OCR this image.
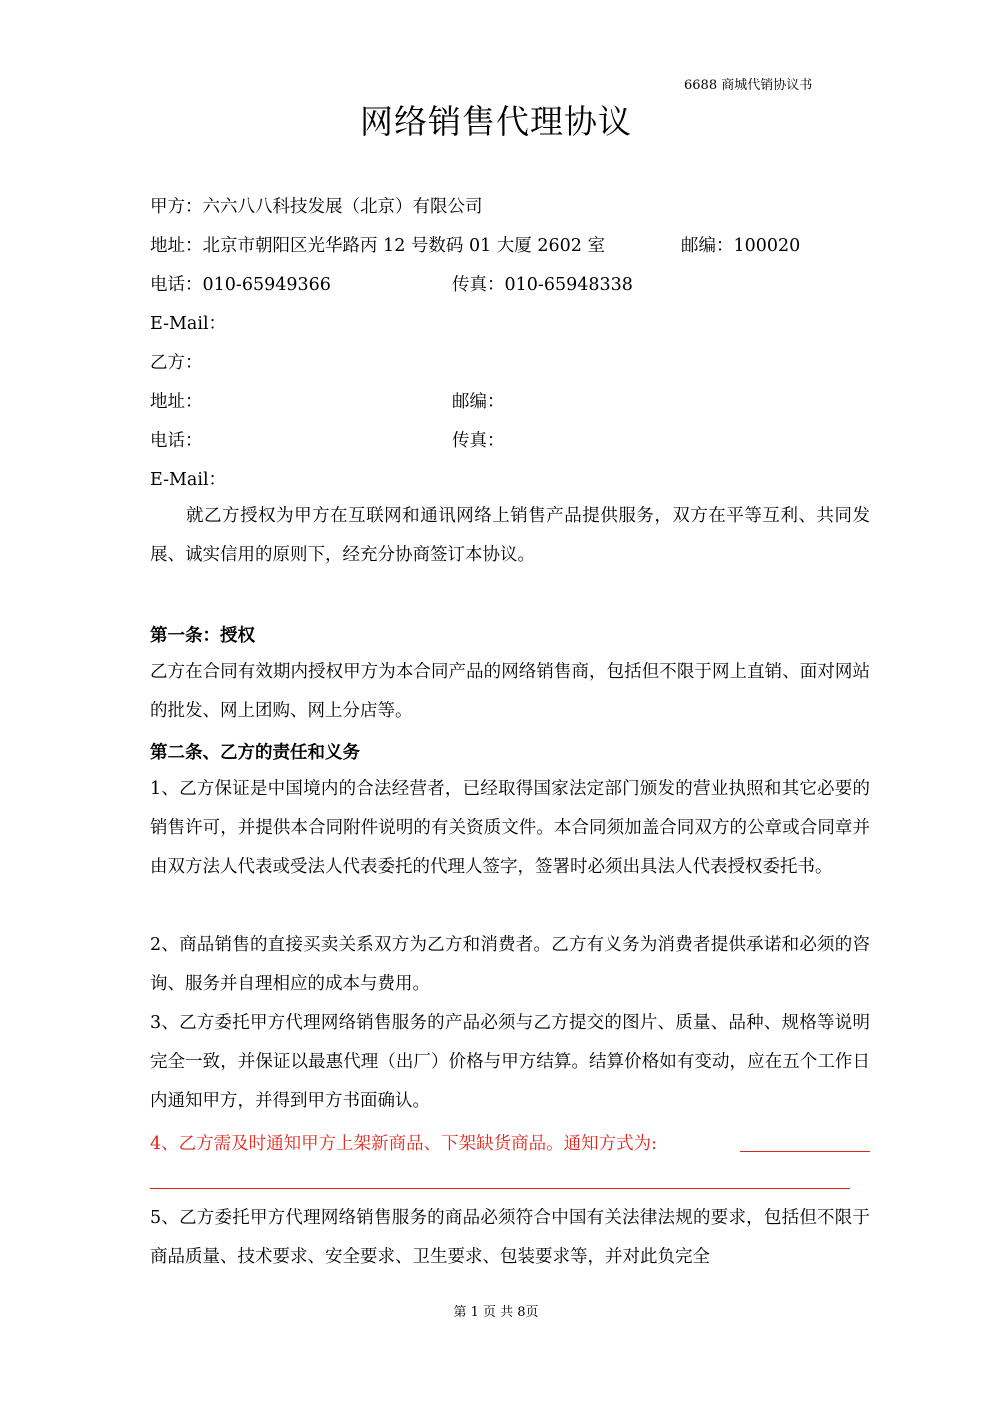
6688 商城代销协议书
网络销售代理协议
甲方：六六八八科技发展（北京）有限公司
地址：北京市朝阳区光华路丙 12 号数码 01 大厦 2602 室	邮编：100020
电话：010-65949366	传真：010-65948338
E-Mail：
乙方：
地址：	邮编：
电话：	传真：
E-Mail：
　　就乙方授权为甲方在互联网和通讯网络上销售产品提供服务，双方在平等互利、共同发展、诚实信用的原则下，经充分协商签订本协议。
第一条：授权
乙方在合同有效期内授权甲方为本合同产品的网络销售商，包括但不限于网上直销、面对网站的批发、网上团购、网上分店等。
第二条、乙方的责任和义务
1、乙方保证是中国境内的合法经营者，已经取得国家法定部门颁发的营业执照和其它必要的销售许可，并提供本合同附件说明的有关资质文件。本合同须加盖合同双方的公章或合同章并由双方法人代表或受法人代表委托的代理人签字，签署时必须出具法人代表授权委托书。
2、商品销售的直接买卖关系双方为乙方和消费者。乙方有义务为消费者提供承诺和必须的咨询、服务并自理相应的成本与费用。
3、乙方委托甲方代理网络销售服务的产品必须与乙方提交的图片、质量、品种、规格等说明完全一致，并保证以最惠代理（出厂）价格与甲方结算。结算价格如有变动，应在五个工作日内通知甲方，并得到甲方书面确认。
4、乙方需及时通知甲方上架新商品、下架缺货商品。通知方式为:
5、乙方委托甲方代理网络销售服务的商品必须符合中国有关法律法规的要求，包括但不限于商品质量、技术要求、安全要求、卫生要求、包装要求等，并对此负完全
第 1 页 共 8页
